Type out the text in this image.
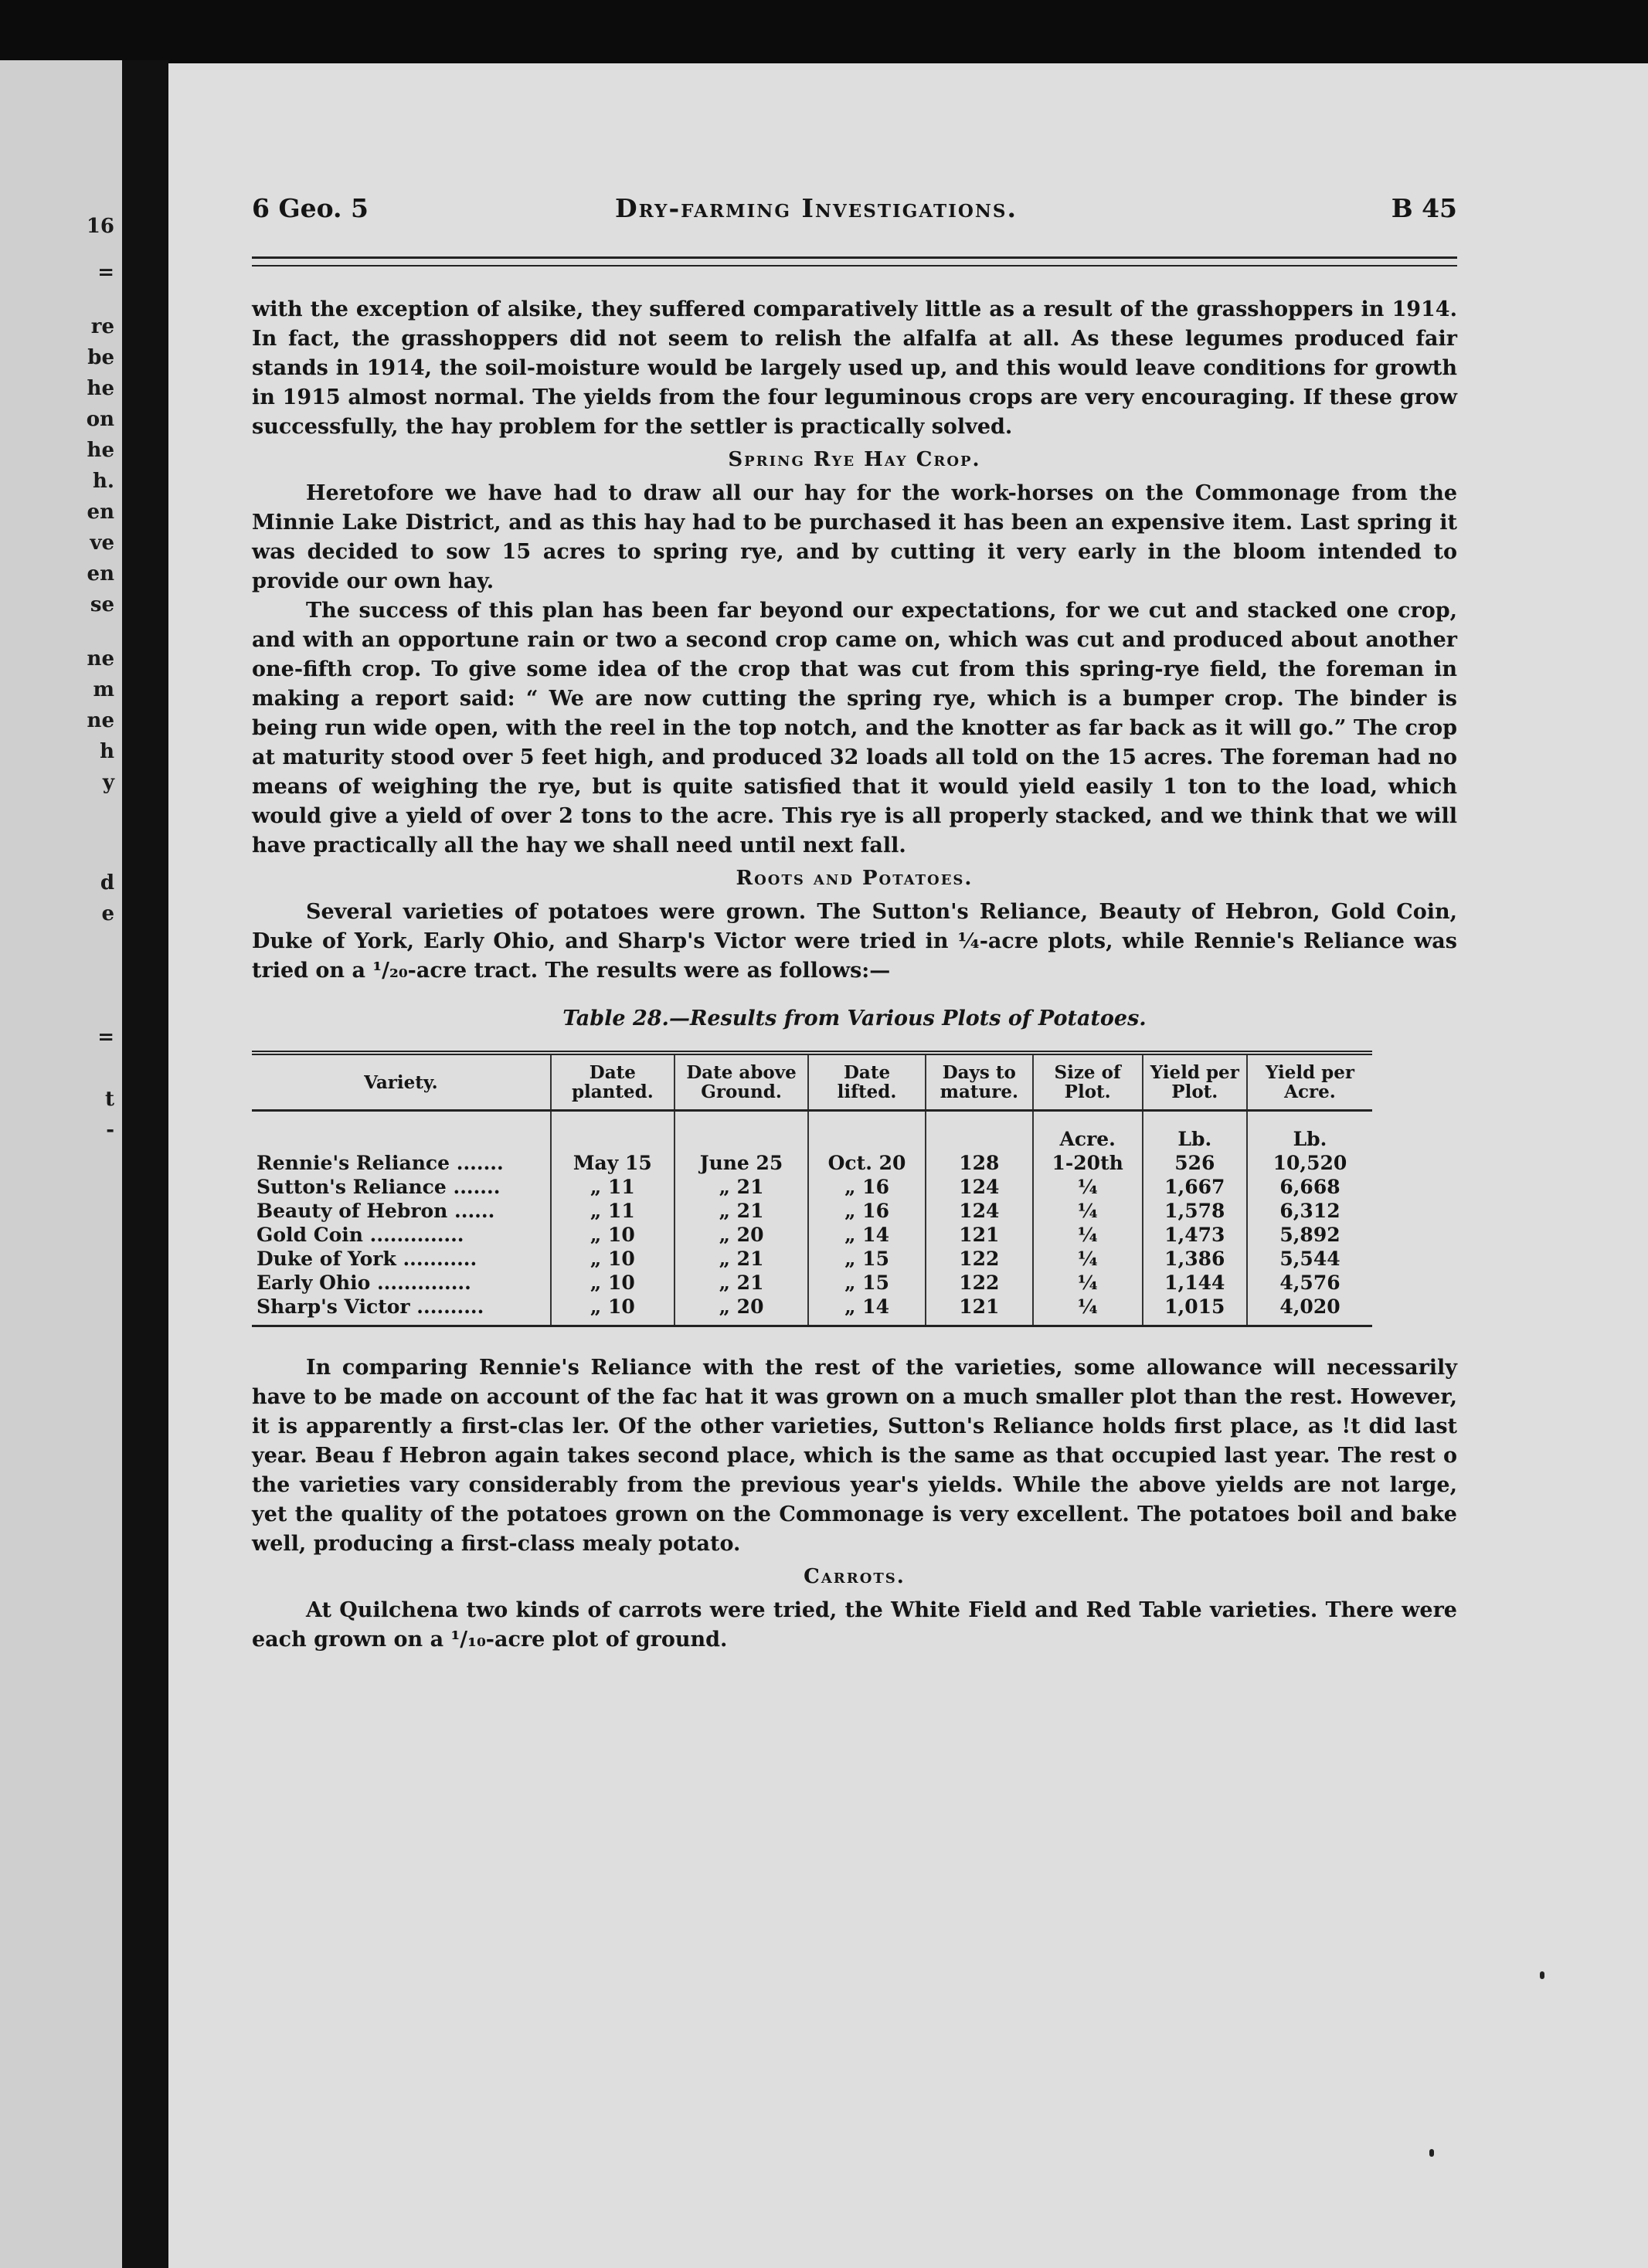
16
=
re
be
he
on
he
h.
en
ve
en
se
ne
m
ne
h
y
d
e
=
t
-
6 Geo. 5	Dry-farming Investigations.	B 45

with the exception of alsike, they suffered comparatively little as a result of the grasshoppers in 1914. In fact, the grasshoppers did not seem to relish the alfalfa at all. As these legumes produced fair stands in 1914, the soil-moisture would be largely used up, and this would leave conditions for growth in 1915 almost normal. The yields from the four leguminous crops are very encouraging. If these grow successfully, the hay problem for the settler is practically solved.

Spring Rye Hay Crop.

Heretofore we have had to draw all our hay for the work-horses on the Commonage from the Minnie Lake District, and as this hay had to be purchased it has been an expensive item. Last spring it was decided to sow 15 acres to spring rye, and by cutting it very early in the bloom intended to provide our own hay.

The success of this plan has been far beyond our expectations, for we cut and stacked one crop, and with an opportune rain or two a second crop came on, which was cut and produced about another one-fifth crop. To give some idea of the crop that was cut from this spring-rye field, the foreman in making a report said: “ We are now cutting the spring rye, which is a bumper crop. The binder is being run wide open, with the reel in the top notch, and the knotter as far back as it will go.” The crop at maturity stood over 5 feet high, and produced 32 loads all told on the 15 acres. The foreman had no means of weighing the rye, but is quite satisfied that it would yield easily 1 ton to the load, which would give a yield of over 2 tons to the acre. This rye is all properly stacked, and we think that we will have practically all the hay we shall need until next fall.

Roots and Potatoes.

Several varieties of potatoes were grown. The Sutton's Reliance, Beauty of Hebron, Gold Coin, Duke of York, Early Ohio, and Sharp's Victor were tried in ¼-acre plots, while Rennie's Reliance was tried on a ¹/₂₀-acre tract. The results were as follows:—

Table 28.—Results from Various Plots of Potatoes.

Variety.	Date planted.	Date above Ground.	Date lifted.	Days to mature.	Size of Plot.	Yield per Plot.	Yield per Acre.
					Acre.	Lb.	Lb.
Rennie's Reliance .......	May 15	June 25	Oct. 20	128	1-20th	526	10,520
Sutton's Reliance .......	„ 11	„ 21	„ 16	124	¼	1,667	6,668
Beauty of Hebron ......	„ 11	„ 21	„ 16	124	¼	1,578	6,312
Gold Coin ..............	„ 10	„ 20	„ 14	121	¼	1,473	5,892
Duke of York ...........	„ 10	„ 21	„ 15	122	¼	1,386	5,544
Early Ohio ..............	„ 10	„ 21	„ 15	122	¼	1,144	4,576
Sharp's Victor ..........	„ 10	„ 20	„ 14	121	¼	1,015	4,020

In comparing Rennie's Reliance with the rest of the varieties, some allowance will necessarily have to be made on account of the fac hat it was grown on a much smaller plot than the rest. However, it is apparently a first-clas ler. Of the other varieties, Sutton's Reliance holds first place, as !t did last year. Beau f Hebron again takes second place, which is the same as that occupied last year. The rest o the varieties vary considerably from the previous year's yields. While the above yields are not large, yet the quality of the potatoes grown on the Commonage is very excellent. The potatoes boil and bake well, producing a first-class mealy potato.

Carrots.

At Quilchena two kinds of carrots were tried, the White Field and Red Table varieties. There were each grown on a ¹/₁₀-acre plot of ground.
